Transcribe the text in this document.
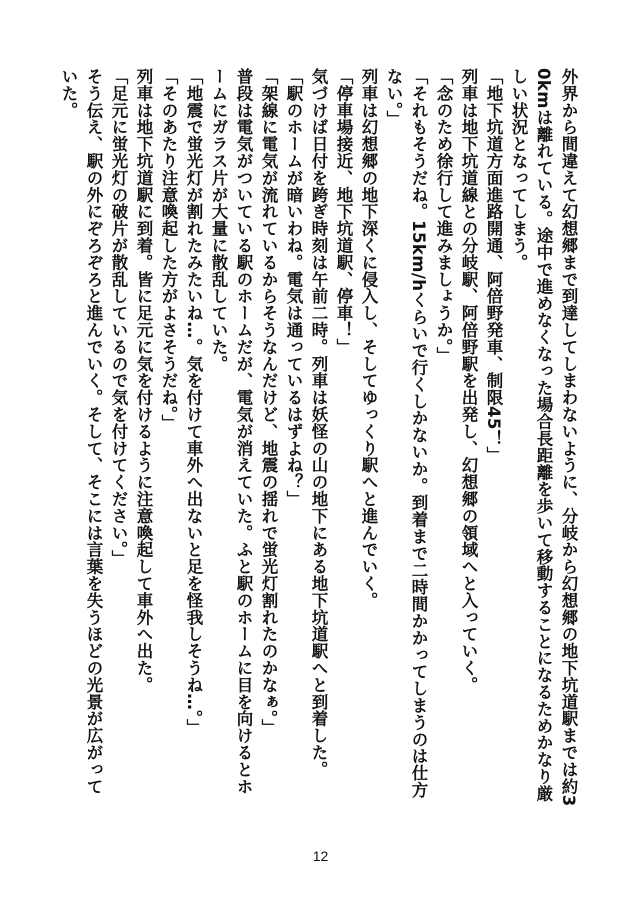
外界から間違えて幻想郷まで到達してしまわないように、分岐から幻想郷の地下坑道駅までは約30kmは離れている。途中で進めなくなった場合長距離を歩いて移動することになるためかなり厳しい状況となってしまう。
「地下坑道方面進路開通、阿倍野発車、制限45！」
列車は地下坑道線との分岐駅、阿倍野駅を出発し、幻想郷の領域へと入っていく。
「念のため徐行して進みましょうか。」
「それもそうだね。15km/hくらいで行くしかないか。到着まで二時間かかってしまうのは仕方ない。」
列車は幻想郷の地下深くに侵入し、そしてゆっくり駅へと進んでいく。
「停車場接近、地下坑道駅、停車！」
気づけば日付を跨ぎ時刻は午前二時。列車は妖怪の山の地下にある地下坑道駅へと到着した。
「駅のホームが暗いわね。電気は通っているはずよね？」
「架線に電気が流れているからそうなんだけど、地震の揺れで蛍光灯割れたのかなぁ。」
普段は電気がついている駅のホームだが、電気が消えていた。ふと駅のホームに目を向けるとホームにガラス片が大量に散乱していた。
「地震で蛍光灯が割れたみたいね…。気を付けて車外へ出ないと足を怪我しそうね…。」
「そのあたり注意喚起した方がよさそうだね。」
列車は地下坑道駅に到着。皆に足元に気を付けるように注意喚起して車外へ出た。
「足元に蛍光灯の破片が散乱しているので気を付けてください。」
そう伝え、駅の外にぞろぞろと進んでいく。そして、そこには言葉を失うほどの光景が広がっていた。
12
